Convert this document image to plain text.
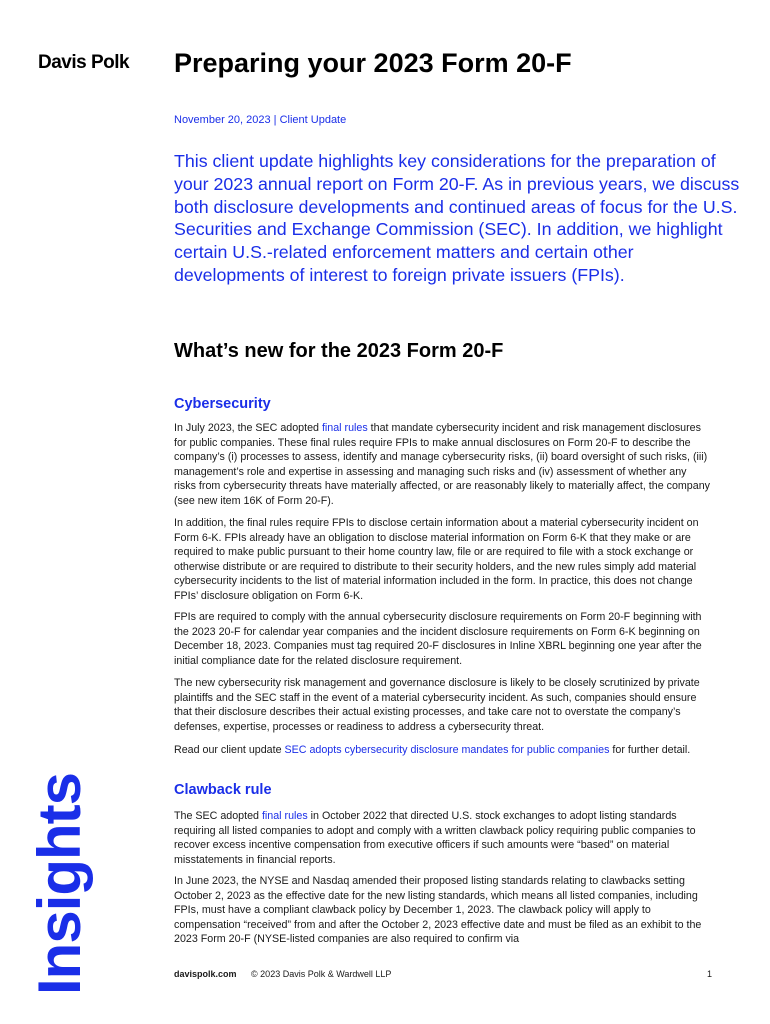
Davis Polk
Insights
Preparing your 2023 Form 20-F
November 20, 2023 | Client Update

This client update highlights key considerations for the preparation of your 2023 annual report on Form 20-F. As in previous years, we discuss both disclosure developments and continued areas of focus for the U.S. Securities and Exchange Commission (SEC). In addition, we highlight certain U.S.-related enforcement matters and certain other developments of interest to foreign private issuers (FPIs).

What’s new for the 2023 Form 20-F
Cybersecurity

In July 2023, the SEC adopted final rules that mandate cybersecurity incident and risk management disclosures for public companies. These final rules require FPIs to make annual disclosures on Form 20-F to describe the company’s (i) processes to assess, identify and manage cybersecurity risks, (ii) board oversight of such risks, (iii) management’s role and expertise in assessing and managing such risks and (iv) assessment of whether any risks from cybersecurity threats have materially affected, or are reasonably likely to materially affect, the company (see new item 16K of Form 20-F).

In addition, the final rules require FPIs to disclose certain information about a material cybersecurity incident on Form 6-K. FPIs already have an obligation to disclose material information on Form 6-K that they make or are required to make public pursuant to their home country law, file or are required to file with a stock exchange or otherwise distribute or are required to distribute to their security holders, and the new rules simply add material cybersecurity incidents to the list of material information included in the form. In practice, this does not change FPIs’ disclosure obligation on Form 6-K.

FPIs are required to comply with the annual cybersecurity disclosure requirements on Form 20-F beginning with the 2023 20-F for calendar year companies and the incident disclosure requirements on Form 6-K beginning on December 18, 2023. Companies must tag required 20-F disclosures in Inline XBRL beginning one year after the initial compliance date for the related disclosure requirement.

The new cybersecurity risk management and governance disclosure is likely to be closely scrutinized by private plaintiffs and the SEC staff in the event of a material cybersecurity incident. As such, companies should ensure that their disclosure describes their actual existing processes, and take care not to overstate the company’s defenses, expertise, processes or readiness to address a cybersecurity threat.

Read our client update SEC adopts cybersecurity disclosure mandates for public companies for further detail.

Clawback rule

The SEC adopted final rules in October 2022 that directed U.S. stock exchanges to adopt listing standards requiring all listed companies to adopt and comply with a written clawback policy requiring public companies to recover excess incentive compensation from executive officers if such amounts were “based” on material misstatements in financial reports.

In June 2023, the NYSE and Nasdaq amended their proposed listing standards relating to clawbacks setting October 2, 2023 as the effective date for the new listing standards, which means all listed companies, including FPIs, must have a compliant clawback policy by December 1, 2023. The clawback policy will apply to compensation “received” from and after the October 2, 2023 effective date and must be filed as an exhibit to the 2023 Form 20-F (NYSE-listed companies are also required to confirm via

davispolk.com © 2023 Davis Polk & Wardwell LLP	1
